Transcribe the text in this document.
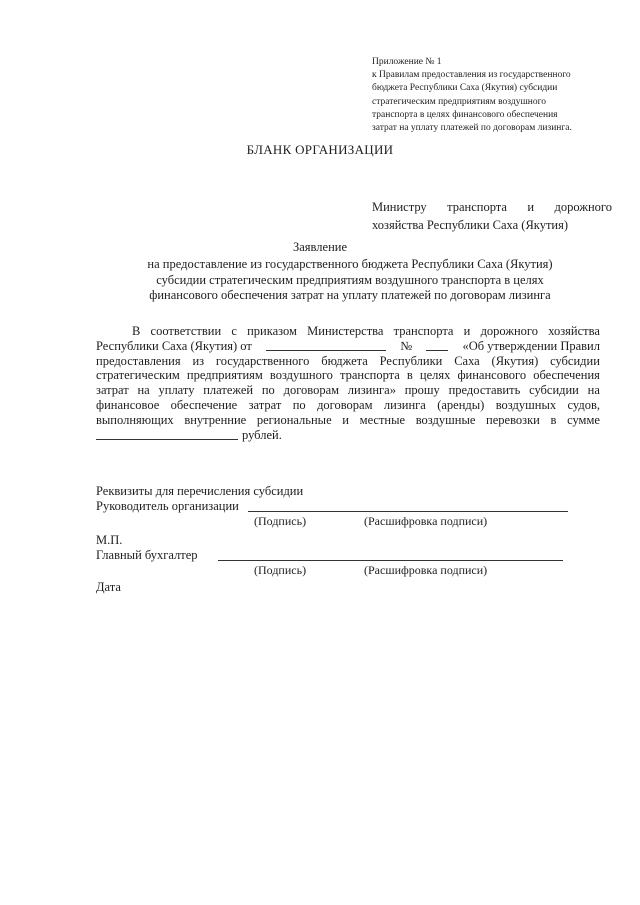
Приложение № 1
к Правилам предоставления из государственного
бюджета Республики Саха (Якутия) субсидии
стратегическим предприятиям воздушного
транспорта в целях финансового обеспечения
затрат на уплату платежей по договорам лизинга.
БЛАНК ОРГАНИЗАЦИИ
Министру транспорта и дорожного
хозяйства Республики Саха (Якутия)
Заявление
на предоставление из государственного бюджета Республики Саха (Якутия)
субсидии стратегическим предприятиям воздушного транспорта в целях
финансового обеспечения затрат на уплату платежей по договорам лизинга
В соответствии с приказом Министерства транспорта и дорожного хозяйства
Республики Саха (Якутия) от	№	«Об утверждении Правил
предоставления из государственного бюджета Республики Саха (Якутия) субсидии
стратегическим предприятиям воздушного транспорта в целях финансового обеспечения
затрат на уплату платежей по договорам лизинга» прошу предоставить субсидии на
финансовое обеспечение затрат по договорам лизинга (аренды) воздушных судов,
выполняющих внутренние региональные и местные воздушные перевозки в сумме
рублей.
Реквизиты для перечисления субсидии
Руководитель организации
(Подпись)	(Расшифровка подписи)
М.П.
Главный бухгалтер
(Подпись)	(Расшифровка подписи)
Дата
